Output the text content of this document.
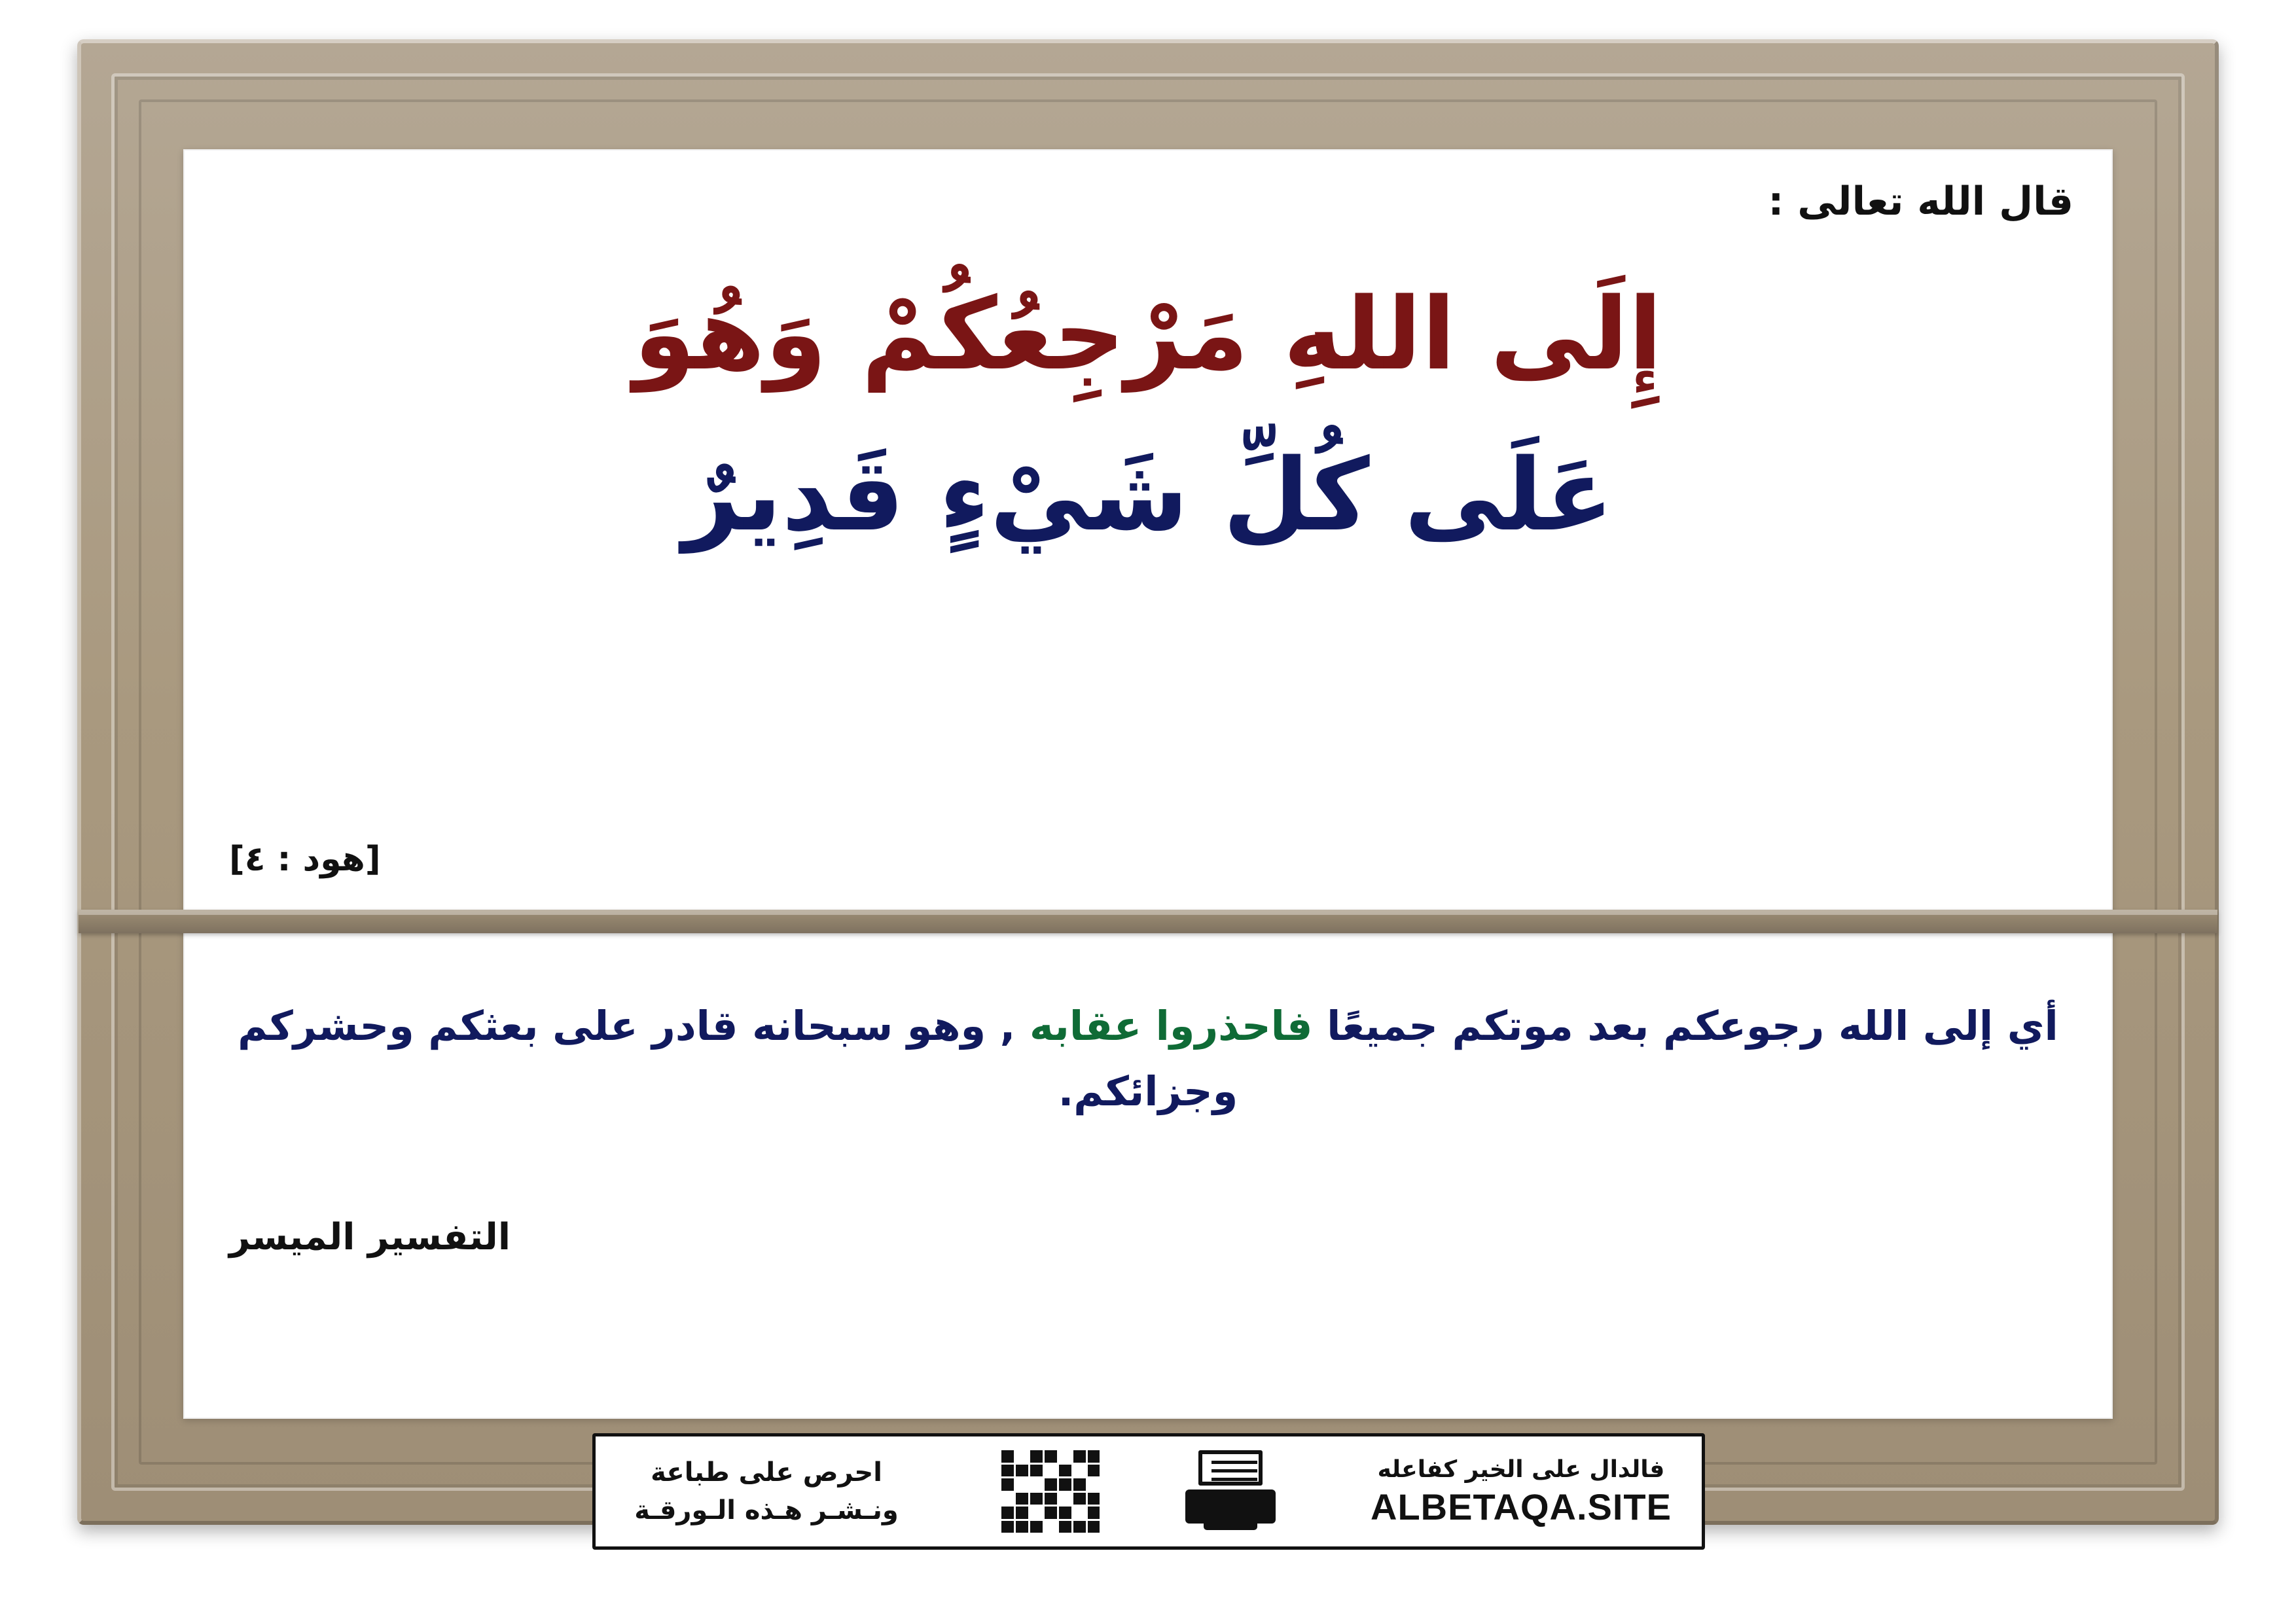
قال الله تعالى :
إِلَى اللهِ مَرْجِعُكُمْ وَهُوَ
عَلَى كُلِّ شَيْءٍ قَدِيرٌ
[هود : ٤]
أي إلى الله رجوعكم بعد موتكم جميعًا فاحذروا عقابه , وهو سبحانه قادر على بعثكم وحشركم وجزائكم.
التفسير الميسر
احرص على طباعة
ونـشـر هـذه الـورقـة
فالدال على الخير كفاعله
ALBETAQA.SITE
